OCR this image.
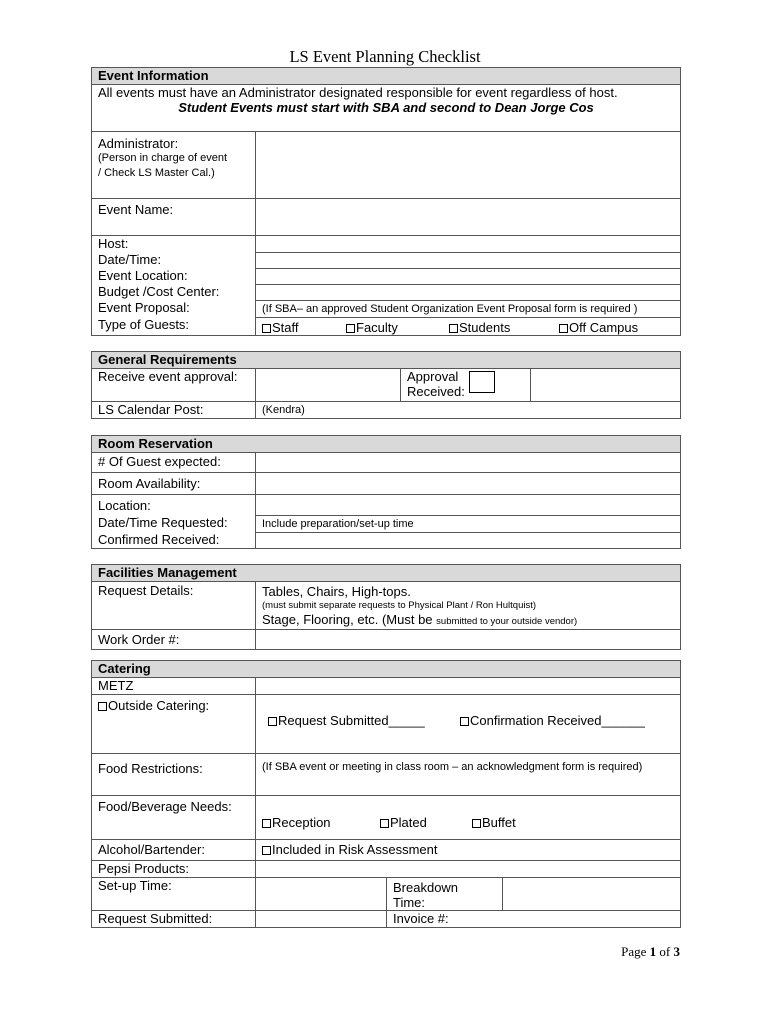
LS Event Planning Checklist
Event Information	

All events must have an Administrator designated responsible for event regardless of host.
Student Events must start with SBA and second to Dean Jorge Cos	

Administrator:
(Person in charge of event
/ Check LS Master Cal.)	

Event Name:	
Host:	
Date/Time:	
Event Location:	
Budget /Cost Center:	
Event Proposal:	(If SBA– an approved Student Organization Event Proposal form is required )
Type of Guests:	Staff Faculty Students Off Campus
General Requirements			
Receive event approval:		Approval
Received:	

LS Calendar Post:	(Kendra)		
Room Reservation	
# Of Guest expected:	
Room Availability:	
Location:	
Date/Time Requested:	Include preparation/set-up time
Confirmed Received:	
Facilities Management	
Request Details:	Tables, Chairs, High-tops.
(must submit separate requests to Physical Plant / Ron Hultquist)
Stage, Flooring, etc. (Must be submitted to your outside vendor)

Work Order #:	
Catering			
METZ			
Outside Catering:	Request Submitted_____ Confirmation Received______		
Food Restrictions:	(If SBA event or meeting in class room – an acknowledgment form is required)		
Food/Beverage Needs:	Reception Plated Buffet		
Alcohol/Bartender:	Included in Risk Assessment		
Pepsi Products:			
Set-up Time:		Breakdown
Time:	

Request Submitted:		Invoice #:	
Page 1 of 3
